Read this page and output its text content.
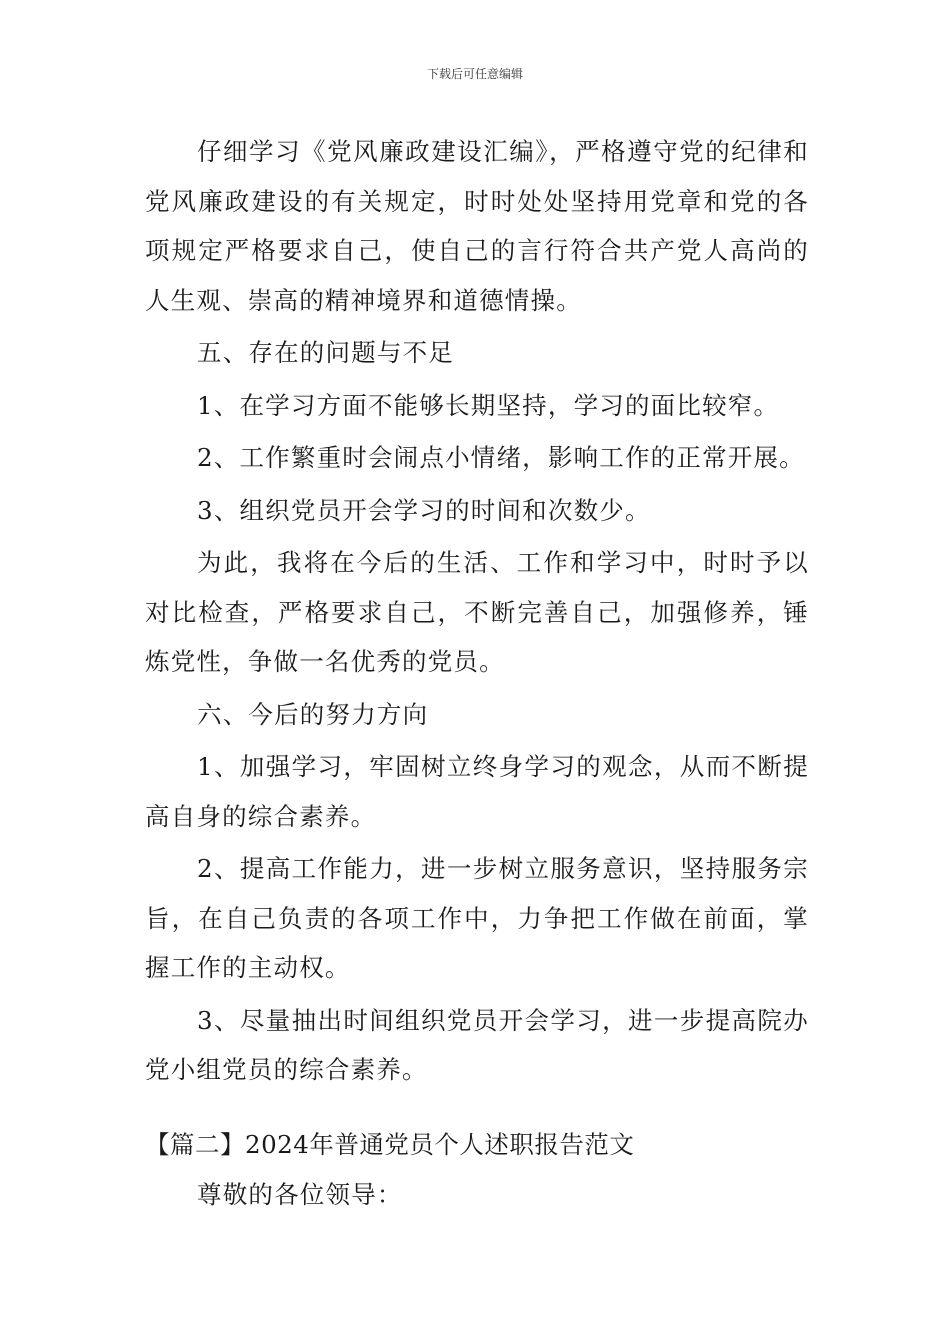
下载后可任意编辑

仔细学习《党风廉政建设汇编》，严格遵守党的纪律和党风廉政建设的有关规定，时时处处坚持用党章和党的各项规定严格要求自己，使自己的言行符合共产党人高尚的人生观、崇高的精神境界和道德情操。

五、存在的问题与不足

1、在学习方面不能够长期坚持，学习的面比较窄。

2、工作繁重时会闹点小情绪，影响工作的正常开展。

3、组织党员开会学习的时间和次数少。

为此，我将在今后的生活、工作和学习中，时时予以对比检查，严格要求自己，不断完善自己，加强修养，锤炼党性，争做一名优秀的党员。

六、今后的努力方向

1、加强学习，牢固树立终身学习的观念，从而不断提高自身的综合素养。

2、提高工作能力，进一步树立服务意识，坚持服务宗旨，在自己负责的各项工作中，力争把工作做在前面，掌握工作的主动权。

3、尽量抽出时间组织党员开会学习，进一步提高院办党小组党员的综合素养。

【篇二】2024年普通党员个人述职报告范文

尊敬的各位领导：
